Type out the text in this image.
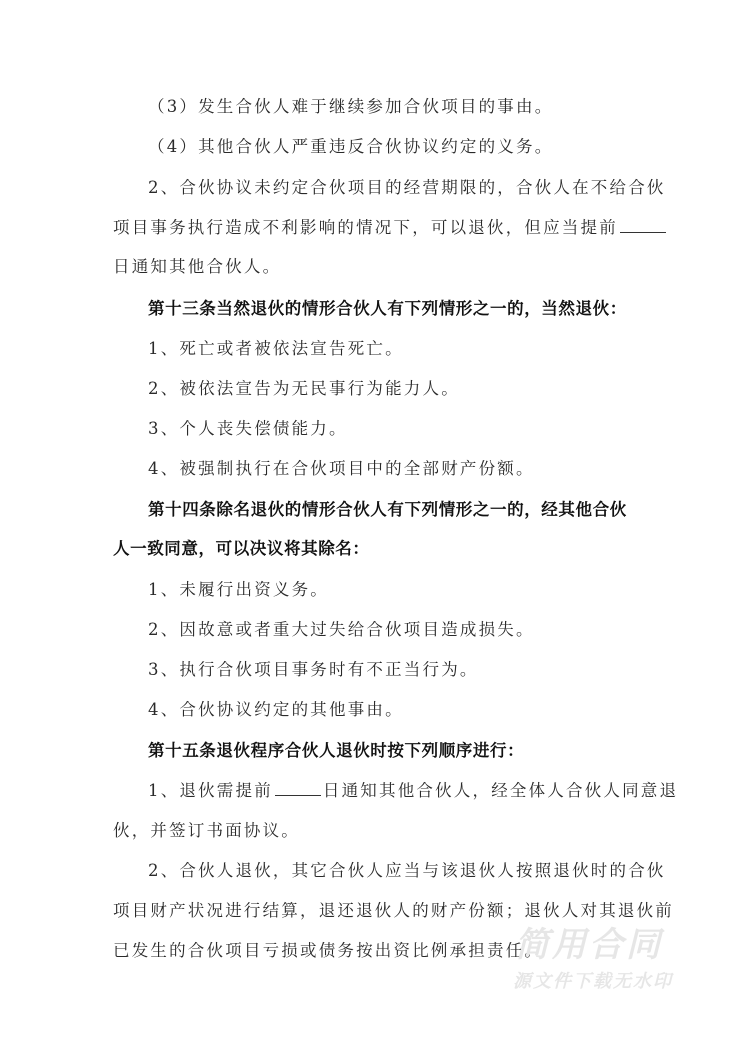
（3）发生合伙人难于继续参加合伙项目的事由。
（4）其他合伙人严重违反合伙协议约定的义务。
2、合伙协议未约定合伙项目的经营期限的，合伙人在不给合伙
项目事务执行造成不利影响的情况下，可以退伙，但应当提前
日通知其他合伙人。
第十三条当然退伙的情形合伙人有下列情形之一的，当然退伙：
1、死亡或者被依法宣告死亡。
2、被依法宣告为无民事行为能力人。
3、个人丧失偿债能力。
4、被强制执行在合伙项目中的全部财产份额。
第十四条除名退伙的情形合伙人有下列情形之一的，经其他合伙
人一致同意，可以决议将其除名：
1、未履行出资义务。
2、因故意或者重大过失给合伙项目造成损失。
3、执行合伙项目事务时有不正当行为。
4、合伙协议约定的其他事由。
第十五条退伙程序合伙人退伙时按下列顺序进行：
1、退伙需提前	日通知其他合伙人，经全体人合伙人同意退
伙，并签订书面协议。
2、合伙人退伙，其它合伙人应当与该退伙人按照退伙时的合伙
项目财产状况进行结算，退还退伙人的财产份额；退伙人对其退伙前
已发生的合伙项目亏损或债务按出资比例承担责任。
简用合同
源文件下载无水印
